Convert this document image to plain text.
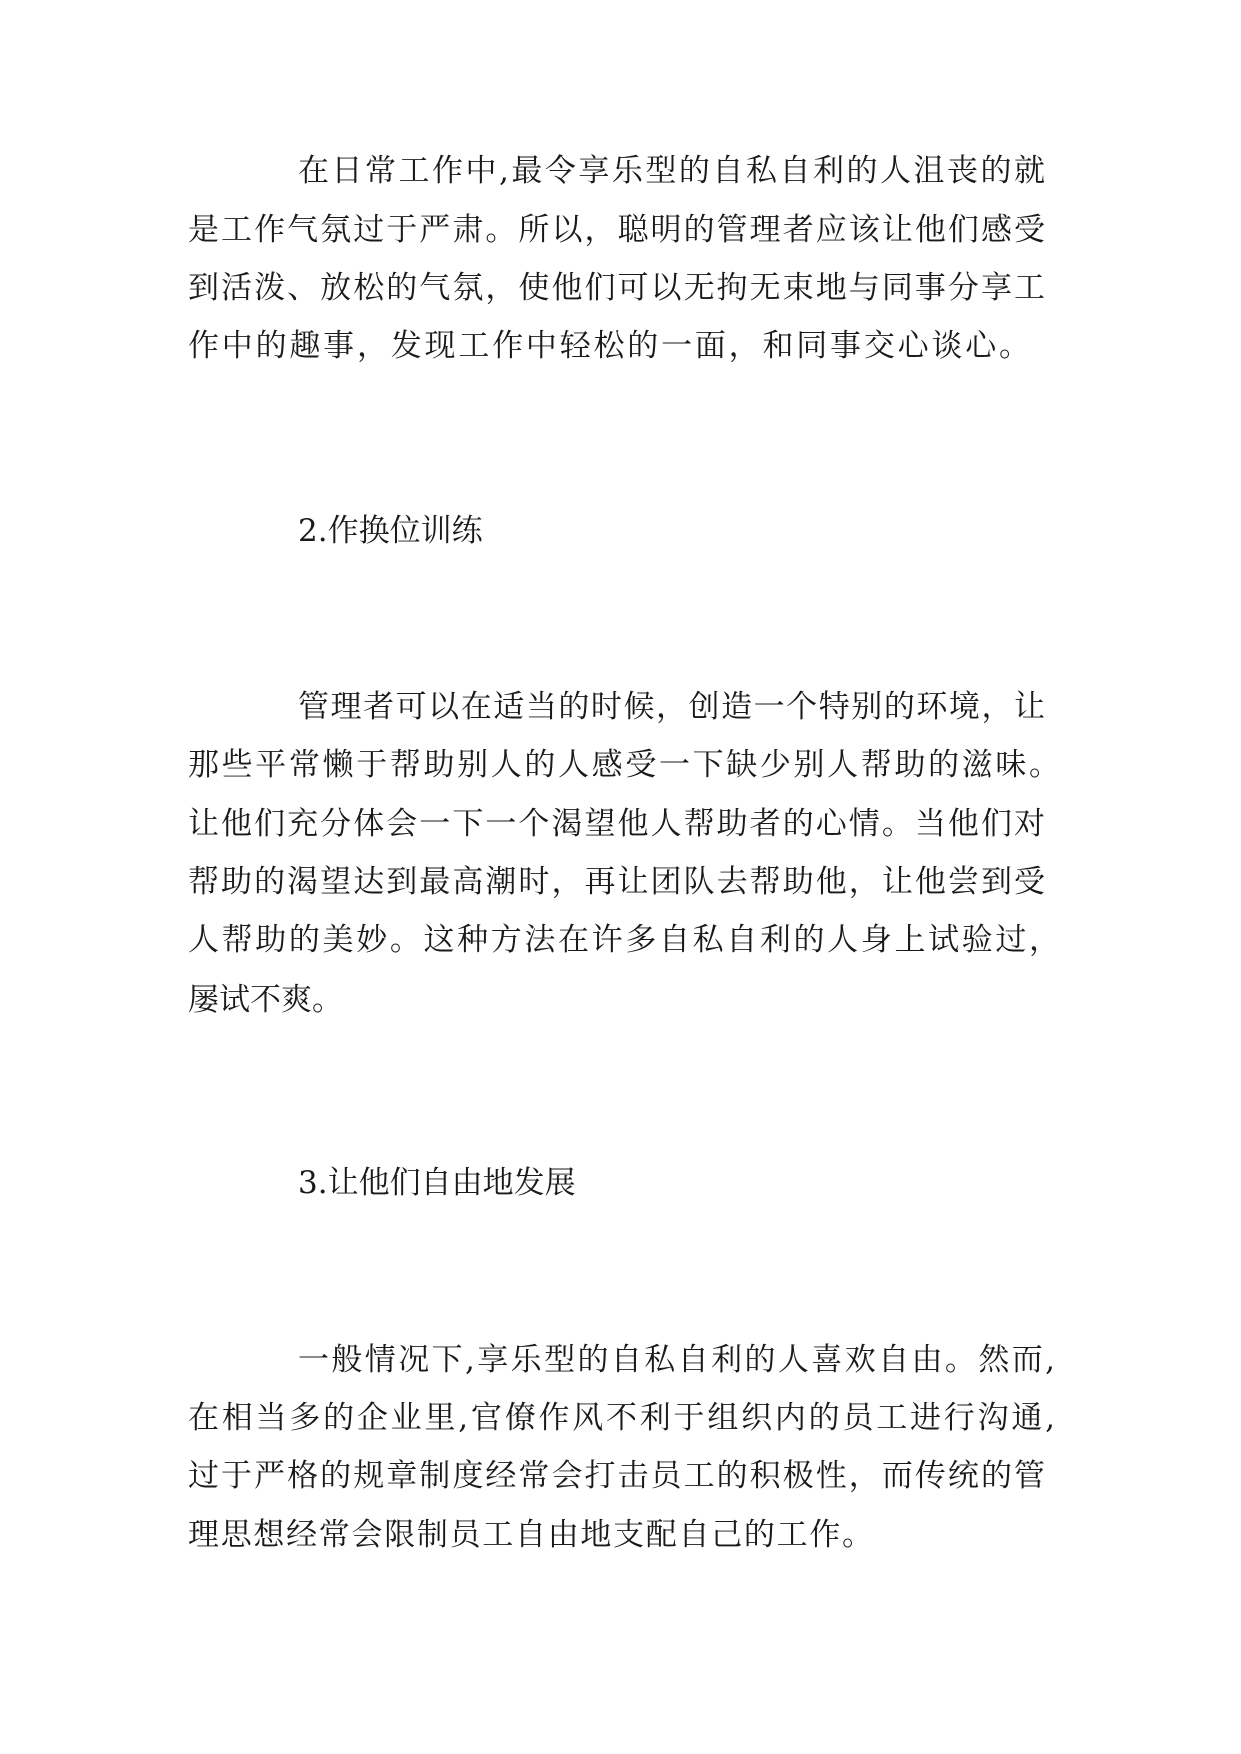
在日常工作中,最令享乐型的自私自利的人沮丧的就
是工作气氛过于严肃。所以，聪明的管理者应该让他们感受
到活泼、放松的气氛，使他们可以无拘无束地与同事分享工
作中的趣事，发现工作中轻松的一面，和同事交心谈心。
2.作换位训练
管理者可以在适当的时候，创造一个特别的环境，让
那些平常懒于帮助别人的人感受一下缺少别人帮助的滋味。
让他们充分体会一下一个渴望他人帮助者的心情。当他们对
帮助的渴望达到最高潮时，再让团队去帮助他，让他尝到受
人帮助的美妙。这种方法在许多自私自利的人身上试验过，
屡试不爽。
3.让他们自由地发展
一般情况下,享乐型的自私自利的人喜欢自由。然而,
在相当多的企业里,官僚作风不利于组织内的员工进行沟通,
过于严格的规章制度经常会打击员工的积极性，而传统的管
理思想经常会限制员工自由地支配自己的工作。
